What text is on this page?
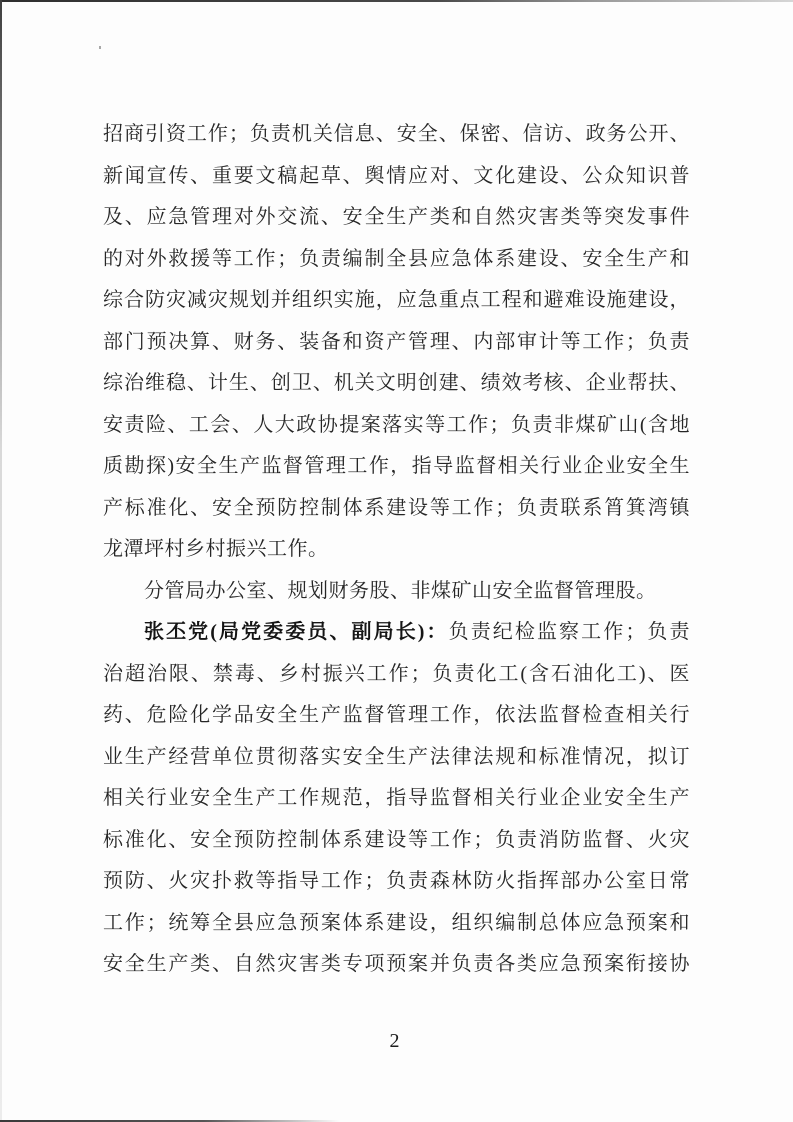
招商引资工作；负责机关信息、安全、保密、信访、政务公开、
新闻宣传、重要文稿起草、舆情应对、文化建设、公众知识普
及、应急管理对外交流、安全生产类和自然灾害类等突发事件
的对外救援等工作；负责编制全县应急体系建设、安全生产和
综合防灾减灾规划并组织实施，应急重点工程和避难设施建设，
部门预决算、财务、装备和资产管理、内部审计等工作；负责
综治维稳、计生、创卫、机关文明创建、绩效考核、企业帮扶、
安责险、工会、人大政协提案落实等工作；负责非煤矿山(含地
质勘探)安全生产监督管理工作，指导监督相关行业企业安全生
产标准化、安全预防控制体系建设等工作；负责联系筲箕湾镇
龙潭坪村乡村振兴工作。
分管局办公室、规划财务股、非煤矿山安全监督管理股。
张丕党(局党委委员、副局长)：负责纪检监察工作；负责
治超治限、禁毒、乡村振兴工作；负责化工(含石油化工)、医
药、危险化学品安全生产监督管理工作，依法监督检查相关行
业生产经营单位贯彻落实安全生产法律法规和标准情况，拟订
相关行业安全生产工作规范，指导监督相关行业企业安全生产
标准化、安全预防控制体系建设等工作；负责消防监督、火灾
预防、火灾扑救等指导工作；负责森林防火指挥部办公室日常
工作；统筹全县应急预案体系建设，组织编制总体应急预案和
安全生产类、自然灾害类专项预案并负责各类应急预案衔接协
2
